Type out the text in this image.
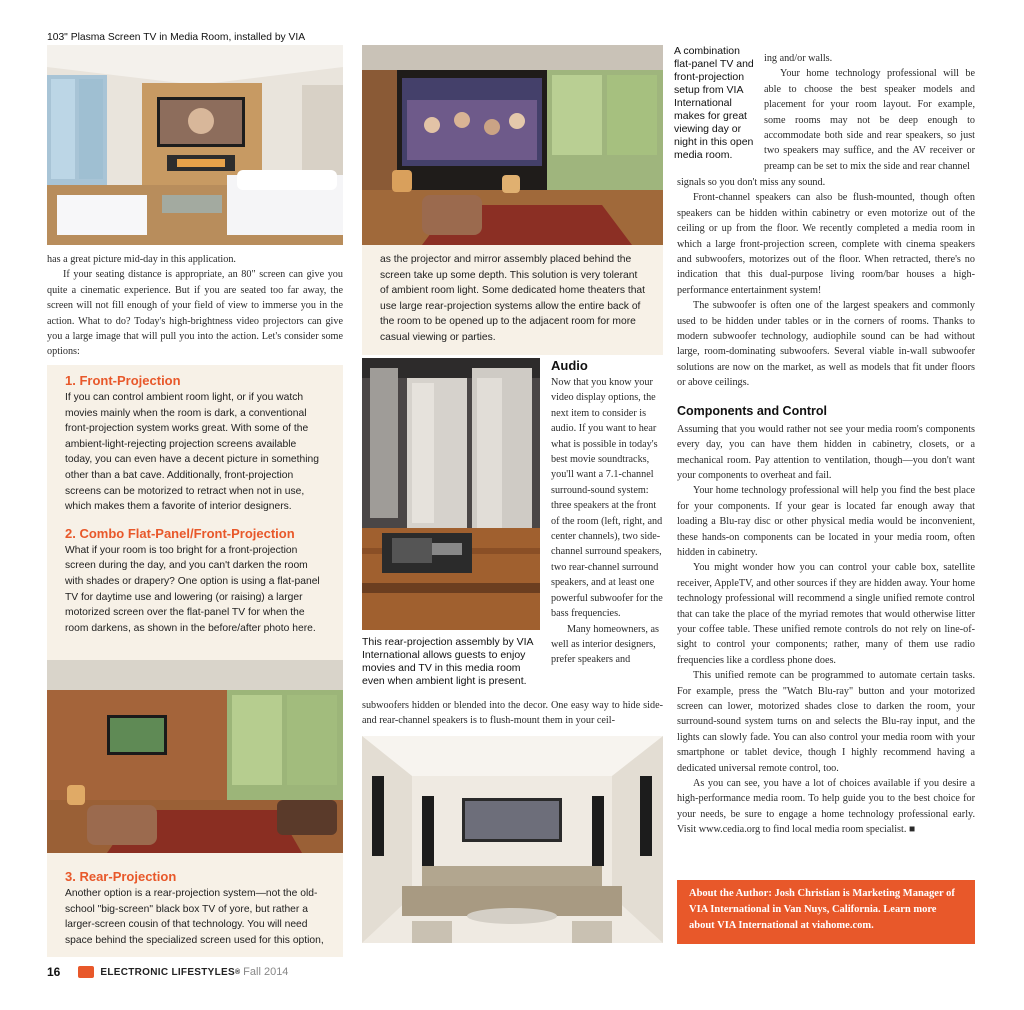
103" Plasma Screen TV in Media Room, installed by VIA

has a great picture mid-day in this application.

If your seating distance is appropriate, an 80" screen can give you quite a cinematic experience. But if you are seated too far away, the screen will not fill enough of your field of view to immerse you in the action. What to do? Today's high-brightness video projectors can give you a large image that will pull you into the action. Let's consider some options:

1. Front-Projection
If you can control ambient room light, or if you watch movies mainly when the room is dark, a conventional front-projection system works great. With some of the ambient-light-rejecting projection screens available today, you can even have a decent picture in something other than a bat cave. Additionally, front-projection screens can be motorized to retract when not in use, which makes them a favorite of interior designers.
2. Combo Flat-Panel/Front-Projection
What if your room is too bright for a front-projection screen during the day, and you can't darken the room with shades or drapery? One option is using a flat-panel TV for daytime use and lowering (or raising) a larger motorized screen over the flat-panel TV for when the room darkens, as shown in the before/after photo here.
3. Rear-Projection
Another option is a rear-projection system—not the old-school "big-screen" black box TV of yore, but rather a larger-screen cousin of that technology. You will need space behind the specialized screen used for this option,
as the projector and mirror assembly placed behind the screen take up some depth. This solution is very tolerant of ambient room light. Some dedicated home theaters that use large rear-projection systems allow the entire back of the room to be opened up to the adjacent room for more casual viewing or parties.
This rear-projection assembly by VIA International allows guests to enjoy movies and TV in this media room even when ambient light is present.
Audio

Now that you know your video display options, the next item to consider is audio. If you want to hear what is possible in today's best movie soundtracks, you'll want a 7.1-channel surround-sound system: three speakers at the front of the room (left, right, and center channels), two side-channel surround speakers, two rear-channel surround speakers, and at least one powerful subwoofer for the bass frequencies.

Many homeowners, as well as interior designers, prefer speakers and

subwoofers hidden or blended into the decor. One easy way to hide side- and rear-channel speakers is to flush-mount them in your ceil-

A combination flat-panel TV and front-projection setup from VIA International makes for great viewing day or night in this open media room.

ing and/or walls.

Your home technology professional will be able to choose the best speaker models and placement for your room layout. For example, some rooms may not be deep enough to accommodate both side and rear speakers, so just two speakers may suffice, and the AV receiver or preamp can be set to mix the side and rear channel

signals so you don't miss any sound.

Front-channel speakers can also be flush-mounted, though often speakers can be hidden within cabinetry or even motorize out of the ceiling or up from the floor. We recently completed a media room in which a large front-projection screen, complete with cinema speakers and subwoofers, motorizes out of the floor. When retracted, there's no indication that this dual-purpose living room/bar houses a high-performance entertainment system!

The subwoofer is often one of the largest speakers and commonly used to be hidden under tables or in the corners of rooms. Thanks to modern subwoofer technology, audiophile sound can be had without large, room-dominating subwoofers. Several viable in-wall subwoofer solutions are now on the market, as well as models that fit under floors or above ceilings.

Components and Control

Assuming that you would rather not see your media room's components every day, you can have them hidden in cabinetry, closets, or a mechanical room. Pay attention to ventilation, though—you don't want your components to overheat and fail.

Your home technology professional will help you find the best place for your components. If your gear is located far enough away that loading a Blu-ray disc or other physical media would be inconvenient, these hands-on components can be located in your media room, often hidden in cabinetry.

You might wonder how you can control your cable box, satellite receiver, AppleTV, and other sources if they are hidden away. Your home technology professional will recommend a single unified remote control that can take the place of the myriad remotes that would otherwise litter your coffee table. These unified remote controls do not rely on line-of-sight to control your components; rather, many of them use radio frequencies like a cordless phone does.

This unified remote can be programmed to automate certain tasks. For example, press the "Watch Blu-ray" button and your motorized screen can lower, motorized shades close to darken the room, your surround-sound system turns on and selects the Blu-ray input, and the lights can slowly fade. You can also control your media room with your smartphone or tablet device, though I highly recommend having a dedicated universal remote control, too.

As you can see, you have a lot of choices available if you desire a high-performance media room. To help guide you to the best choice for your needs, be sure to engage a home technology professional early. Visit www.cedia.org to find local media room specialist. ■

About the Author: Josh Christian is Marketing Manager of VIA International in Van Nuys, California. Learn more about VIA International at viahome.com.
16	ELECTRONIC LIFESTYLES ® Fall 2014
